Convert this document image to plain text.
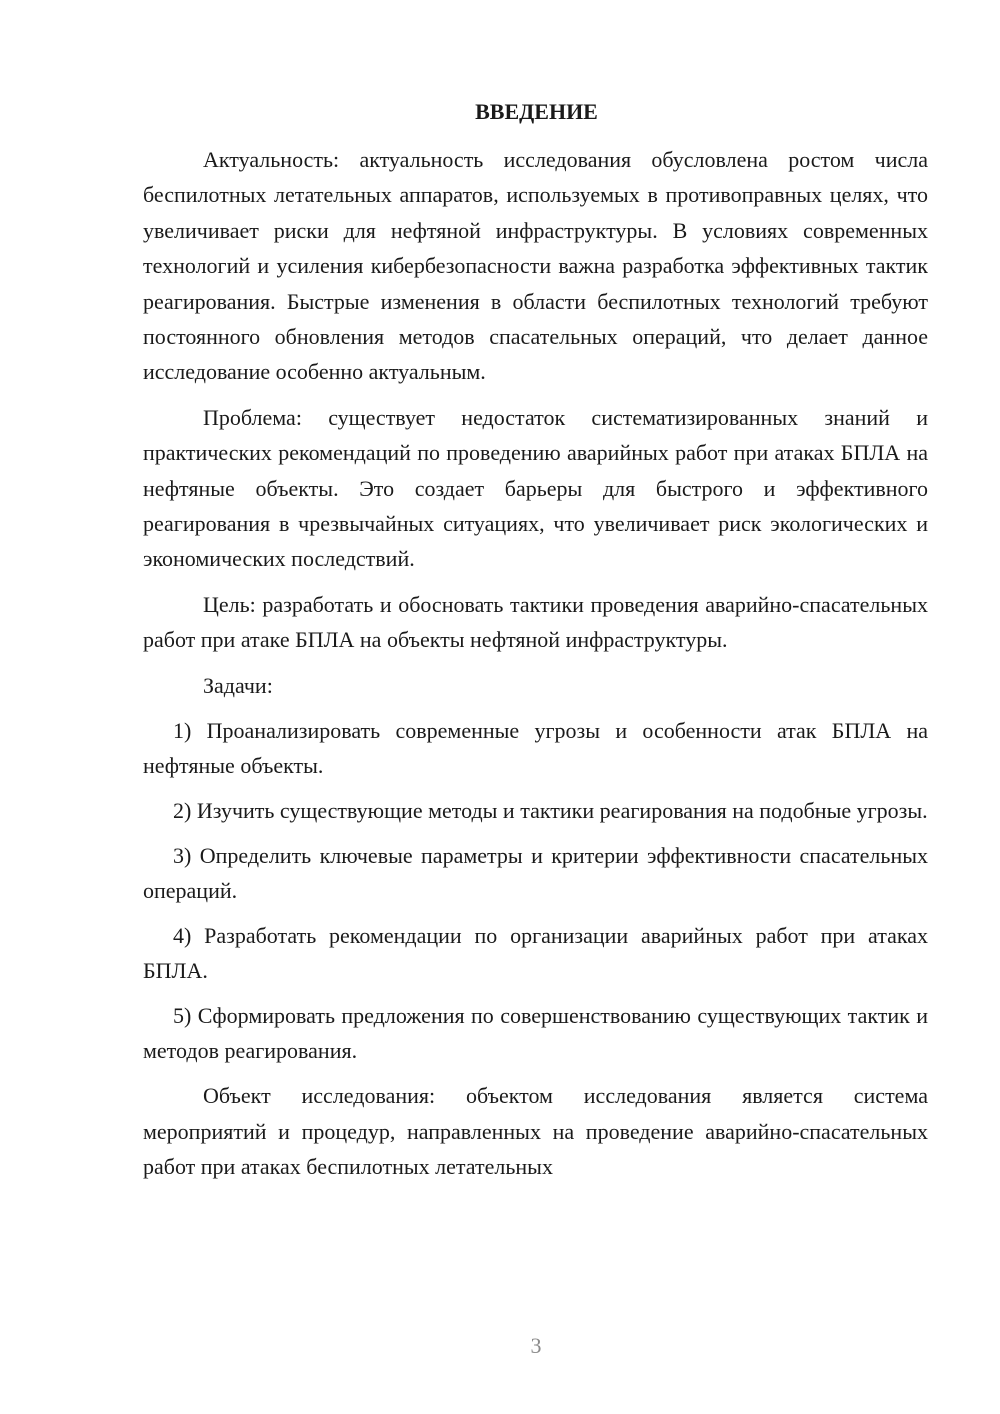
ВВЕДЕНИЕ

Актуальность: актуальность исследования обусловлена ростом числа беспилотных летательных аппаратов, используемых в противоправных целях, что увеличивает риски для нефтяной инфраструктуры. В условиях современных технологий и усиления кибербезопасности важна разработка эффективных тактик реагирования. Быстрые изменения в области беспилотных технологий требуют постоянного обновления методов спасательных операций, что делает данное исследование особенно актуальным.

Проблема: существует недостаток систематизированных знаний и практических рекомендаций по проведению аварийных работ при атаках БПЛА на нефтяные объекты. Это создает барьеры для быстрого и эффективного реагирования в чрезвычайных ситуациях, что увеличивает риск экологических и экономических последствий.

Цель: разработать и обосновать тактики проведения аварийно-спасательных работ при атаке БПЛА на объекты нефтяной инфраструктуры.

Задачи:

1) Проанализировать современные угрозы и особенности атак БПЛА на нефтяные объекты.

2) Изучить существующие методы и тактики реагирования на подобные угрозы.

3) Определить ключевые параметры и критерии эффективности спасательных операций.

4) Разработать рекомендации по организации аварийных работ при атаках БПЛА.

5) Сформировать предложения по совершенствованию существующих тактик и методов реагирования.

Объект исследования: объектом исследования является система мероприятий и процедур, направленных на проведение аварийно-спасательных работ при атаках беспилотных летательных

3
